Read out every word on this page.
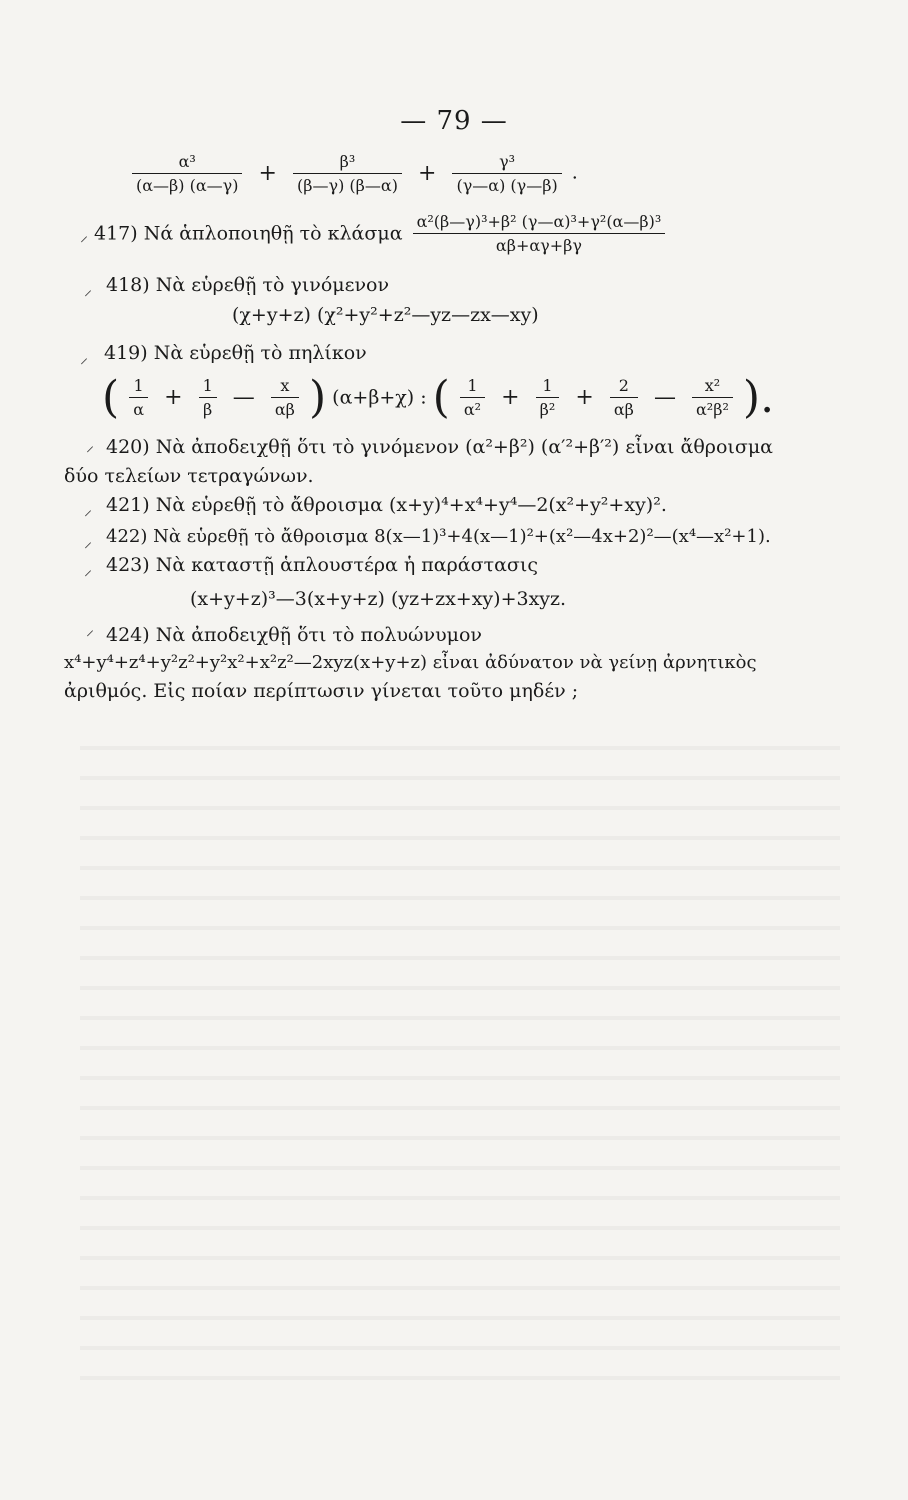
— 79 —
$\frac{\text{α³}}{(\alpha—\beta) (\alpha—\gamma)} + \frac{\text{β³}}{(\beta—\gamma) (\beta—\alpha)} + \frac{\text{γ³}}{(\gamma—\alpha) (\gamma—\beta)}$ .
⸝ 417) Νά ἁπλοποιηθῇ τὸ κλάσμα $\frac{\text{α²(β—γ)³+β² (γ—α)³+γ²(α—β)³}}{\alpha\beta+\alpha\gamma+\beta\gamma}$
⸝ 418) Νὰ εὑρεθῇ τὸ γινόμενον
(χ+y+z) (χ²+y²+z²—yz—zx—xy)
⸝ 419) Νὰ εὑρεθῇ τὸ πηλίκον
( $\frac{1}{\alpha} + \frac{1}{\beta}$ — $\frac{x}{\alpha\beta}$ ) (α+β+χ) : ( $\frac{1}{\text{α²}} + \frac{1}{\text{β²}} + \frac{2}{\alpha\beta}$ — $\frac{\text{x²}}{\text{α²β²}}$ ).
⸝ 420) Νὰ ἀποδειχθῇ ὅτι τὸ γινόμενον (α²+β²) (α′²+β′²) εἶναι ἄθροισμα
δύο τελείων τετραγώνων.
⸝ 421) Νὰ εὑρεθῇ τὸ ἄθροισμα (x+y)⁴+x⁴+y⁴—2(x²+y²+xy)².
⸝ 422) Νὰ εὑρεθῇ τὸ ἄθροισμα 8(x—1)³+4(x—1)²+(x²—4x+2)²—(x⁴—x²+1).
⸝ 423) Νὰ καταστῇ ἁπλουστέρα ἡ παράστασις
(x+y+z)³—3(x+y+z) (yz+zx+xy)+3xyz.
⸝ 424) Νὰ ἀποδειχθῇ ὅτι τὸ πολυώνυμον
x⁴+y⁴+z⁴+y²z²+y²x²+x²z²—2xyz(x+y+z) εἶναι ἀδύνατον νὰ γείνῃ ἀρνητικὸς
ἀριθμός. Εἰς ποίαν περίπτωσιν γίνεται τοῦτο μηδέν ;
